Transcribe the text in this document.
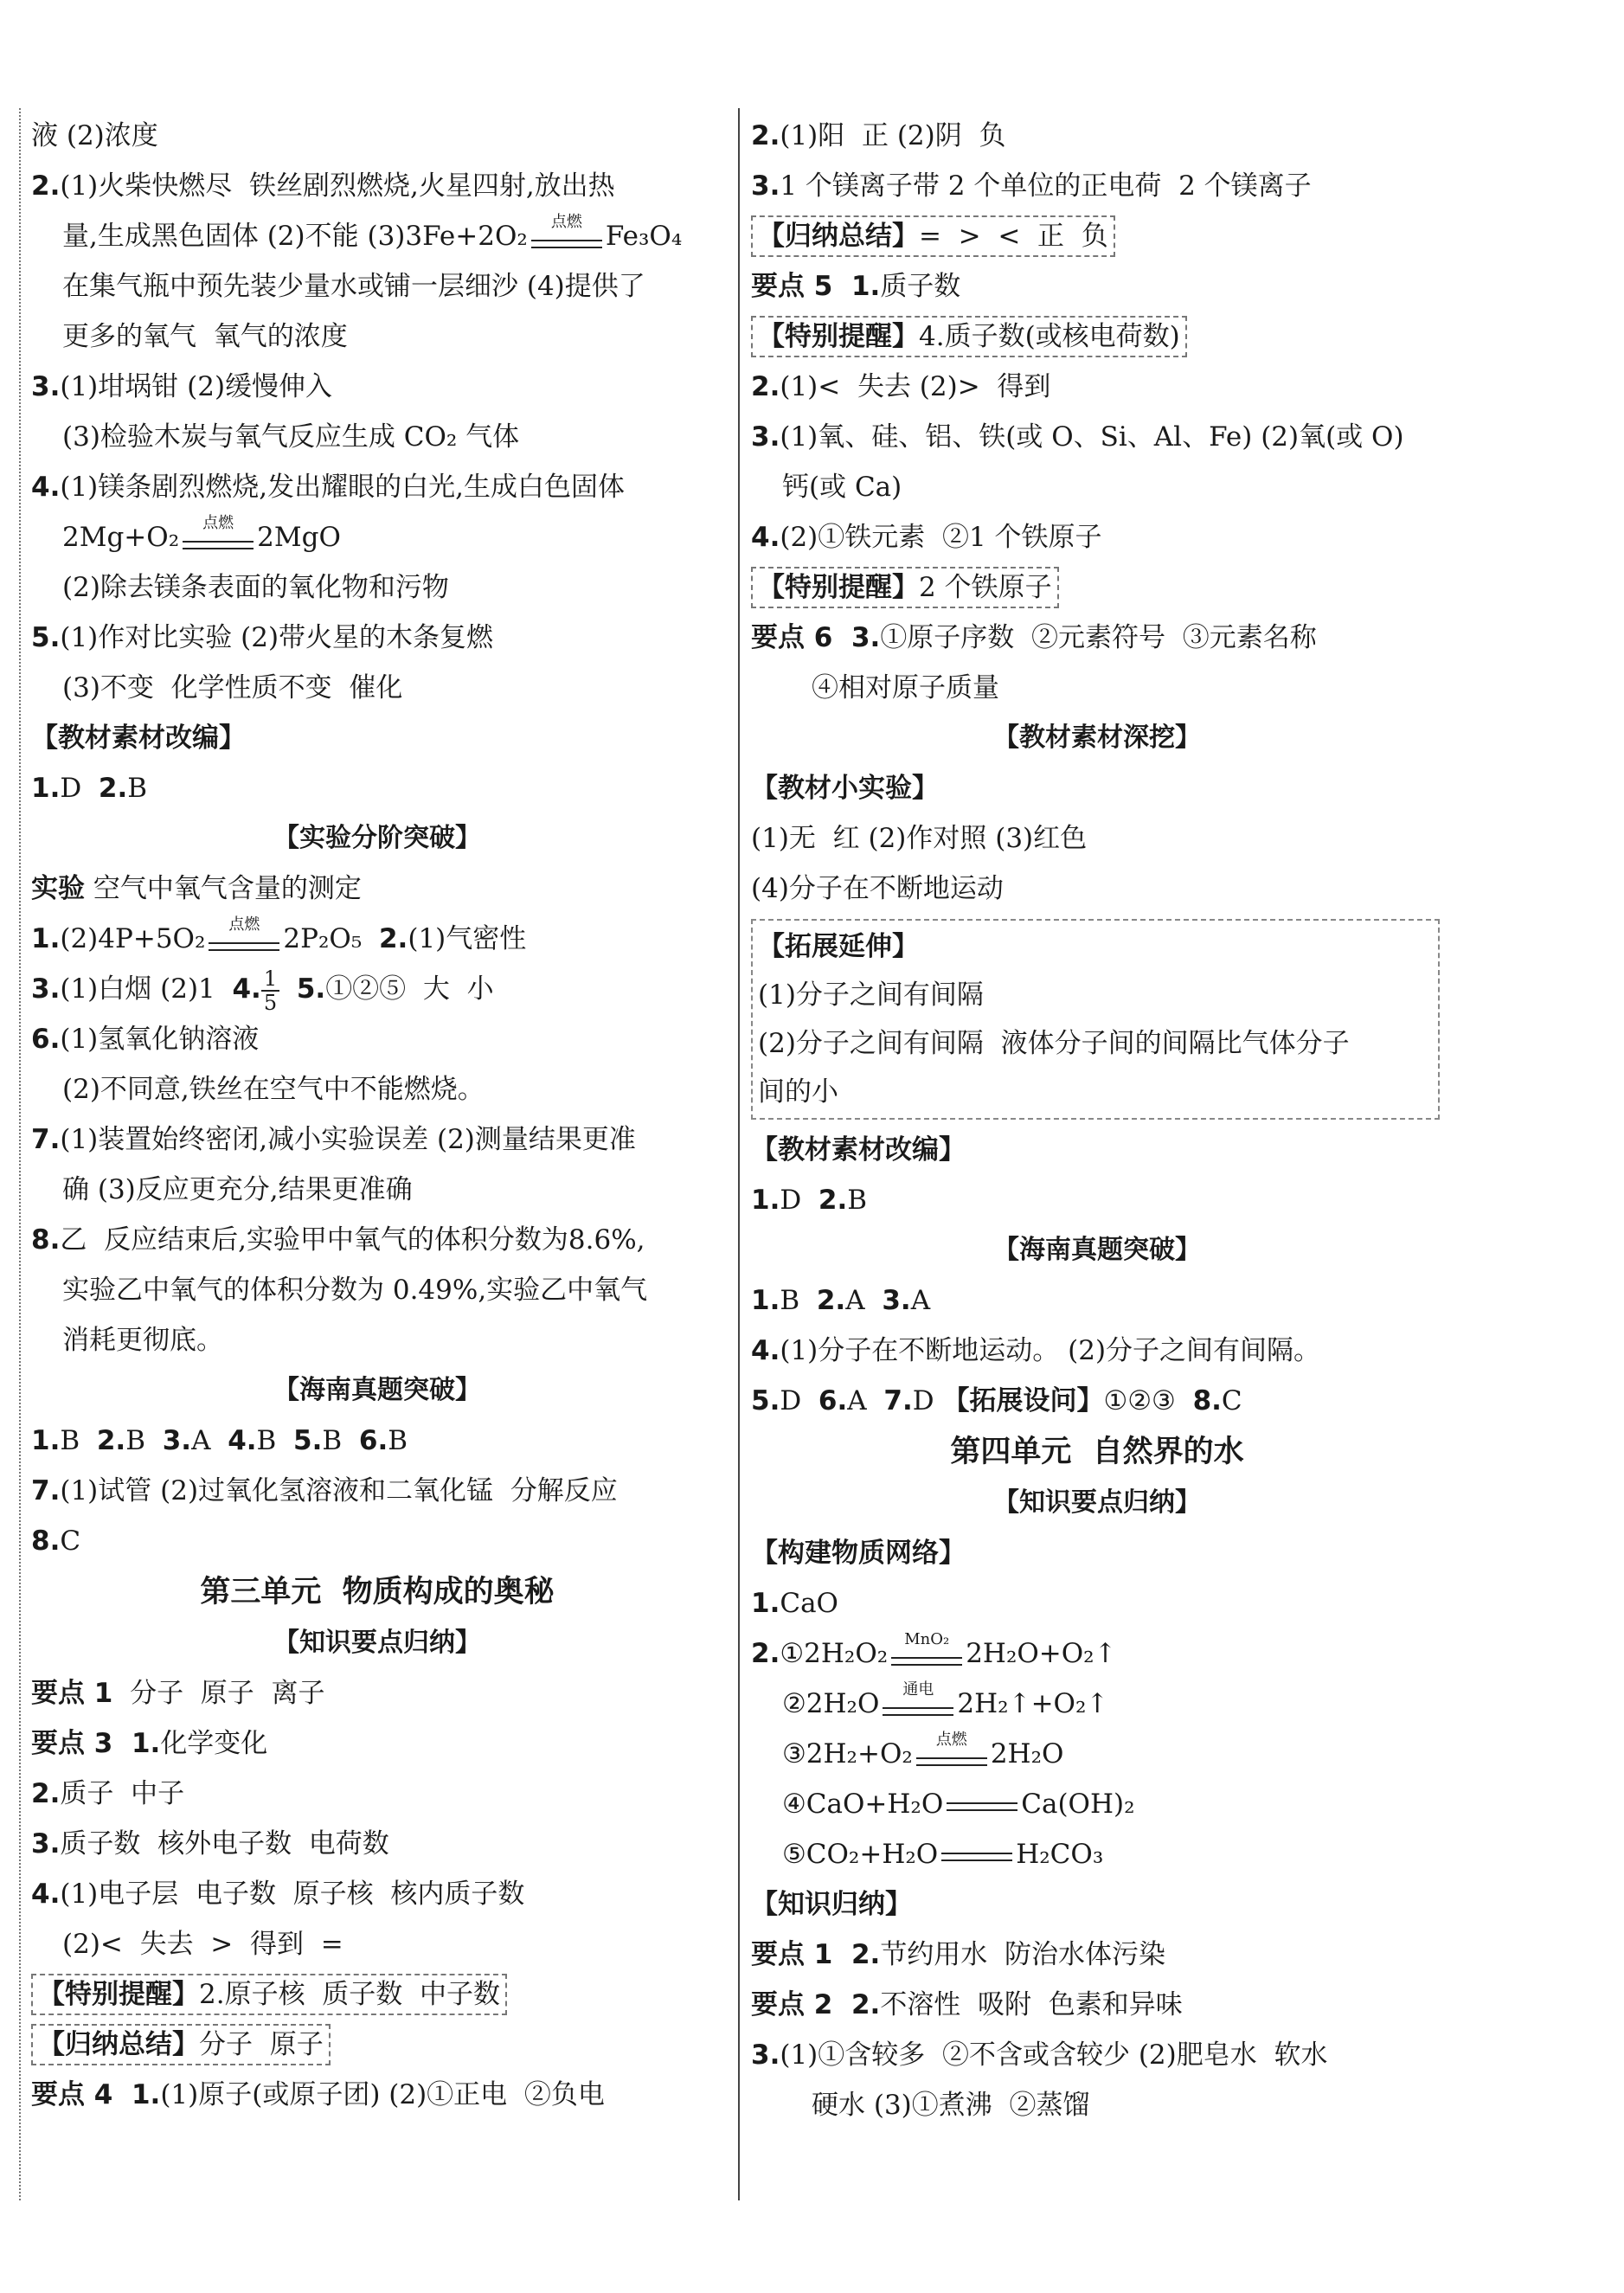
液 (2)浓度
2.(1)火柴快燃尽  铁丝剧烈燃烧,火星四射,放出热
量,生成黑色固体 (2)不能 (3)3Fe+2O₂	点燃 Fe₃O₄
在集气瓶中预先装少量水或铺一层细沙 (4)提供了
更多的氧气  氧气的浓度
3.(1)坩埚钳 (2)缓慢伸入
(3)检验木炭与氧气反应生成 CO₂ 气体
4.(1)镁条剧烈燃烧,发出耀眼的白光,生成白色固体
2Mg+O₂	点燃 2MgO
(2)除去镁条表面的氧化物和污物
5.(1)作对比实验 (2)带火星的木条复燃
(3)不变  化学性质不变  催化
【教材素材改编】
1.D  2.B
【实验分阶突破】
实验 空气中氧气含量的测定
1.(2)4P+5O₂	点燃 2P₂O₅ 2.(1)气密性
3.(1)白烟 (2)1  4. $\frac{1}{5}$ 5.①②⑤  大  小
6.(1)氢氧化钠溶液
(2)不同意,铁丝在空气中不能燃烧。
7.(1)装置始终密闭,减小实验误差 (2)测量结果更准
确 (3)反应更充分,结果更准确
8.乙  反应结束后,实验甲中氧气的体积分数为8.6%,
实验乙中氧气的体积分数为 0.49%,实验乙中氧气
消耗更彻底。
【海南真题突破】
1.B  2.B  3.A  4.B  5.B  6.B
7.(1)试管 (2)过氧化氢溶液和二氧化锰  分解反应
8.C
第三单元  物质构成的奥秘
【知识要点归纳】
要点 1  分子  原子  离子
要点 3  1.化学变化
2.质子  中子
3.质子数  核外电子数  电荷数
4.(1)电子层  电子数  原子核  核内质子数
(2)<  失去  >  得到  =
【特别提醒】2.原子核  质子数  中子数
【归纳总结】分子  原子
要点 4  1.(1)原子(或原子团) (2)①正电  ②负电
2.(1)阳  正 (2)阴  负
3.1 个镁离子带 2 个单位的正电荷  2 个镁离子
【归纳总结】=  >  <  正  负
要点 5  1.质子数
【特别提醒】4.质子数(或核电荷数)
2.(1)<  失去 (2)>  得到
3.(1)氧、硅、铝、铁(或 O、Si、Al、Fe) (2)氧(或 O)
钙(或 Ca)
4.(2)①铁元素  ②1 个铁原子
【特别提醒】2 个铁原子
要点 6  3.①原子序数  ②元素符号  ③元素名称
④相对原子质量
【教材素材深挖】
【教材小实验】
(1)无  红 (2)作对照 (3)红色
(4)分子在不断地运动
【拓展延伸】
(1)分子之间有间隔
(2)分子之间有间隔  液体分子间的间隔比气体分子
间的小
【教材素材改编】
1.D  2.B
【海南真题突破】
1.B  2.A  3.A
4.(1)分子在不断地运动。 (2)分子之间有间隔。
5.D  6.A  7.D 【拓展设问】①②③  8.C
第四单元  自然界的水
【知识要点归纳】
【构建物质网络】
1.CaO
2.①2H₂O₂	MnO₂ 2H₂O+O₂↑
②2H₂O	通电 2H₂↑+O₂↑
③2H₂+O₂	点燃 2H₂O
④CaO+H₂O	Ca(OH)₂
⑤CO₂+H₂O	H₂CO₃
【知识归纳】
要点 1  2.节约用水  防治水体污染
要点 2  2.不溶性  吸附  色素和异味
3.(1)①含较多  ②不含或含较少 (2)肥皂水  软水
硬水 (3)①煮沸  ②蒸馏
